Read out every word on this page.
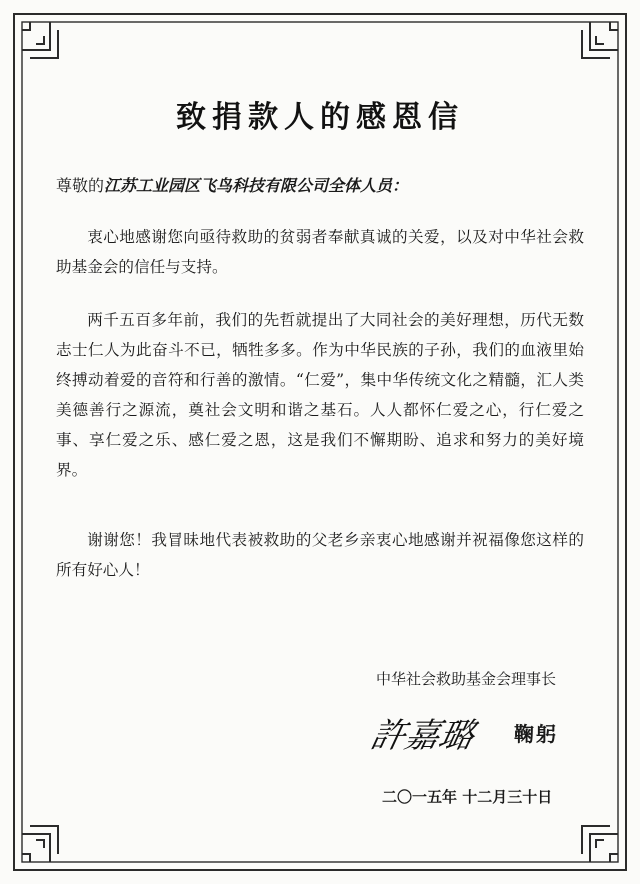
致捐款人的感恩信
尊敬的江苏工业园区飞鸟科技有限公司全体人员：

衷心地感谢您向亟待救助的贫弱者奉献真诚的关爱，以及对中华社会救助基金会的信任与支持。

两千五百多年前，我们的先哲就提出了大同社会的美好理想，历代无数志士仁人为此奋斗不已，牺牲多多。作为中华民族的子孙，我们的血液里始终搏动着爱的音符和行善的激情。“仁爱”，集中华传统文化之精髓，汇人类美德善行之源流，奠社会文明和谐之基石。人人都怀仁爱之心，行仁爱之事、享仁爱之乐、感仁爱之恩，这是我们不懈期盼、追求和努力的美好境界。

谢谢您！我冒昧地代表被救助的父老乡亲衷心地感谢并祝福像您这样的所有好心人！

中华社会救助基金会理事长
許嘉璐 鞠躬
二〇一五年 十二月三十日
